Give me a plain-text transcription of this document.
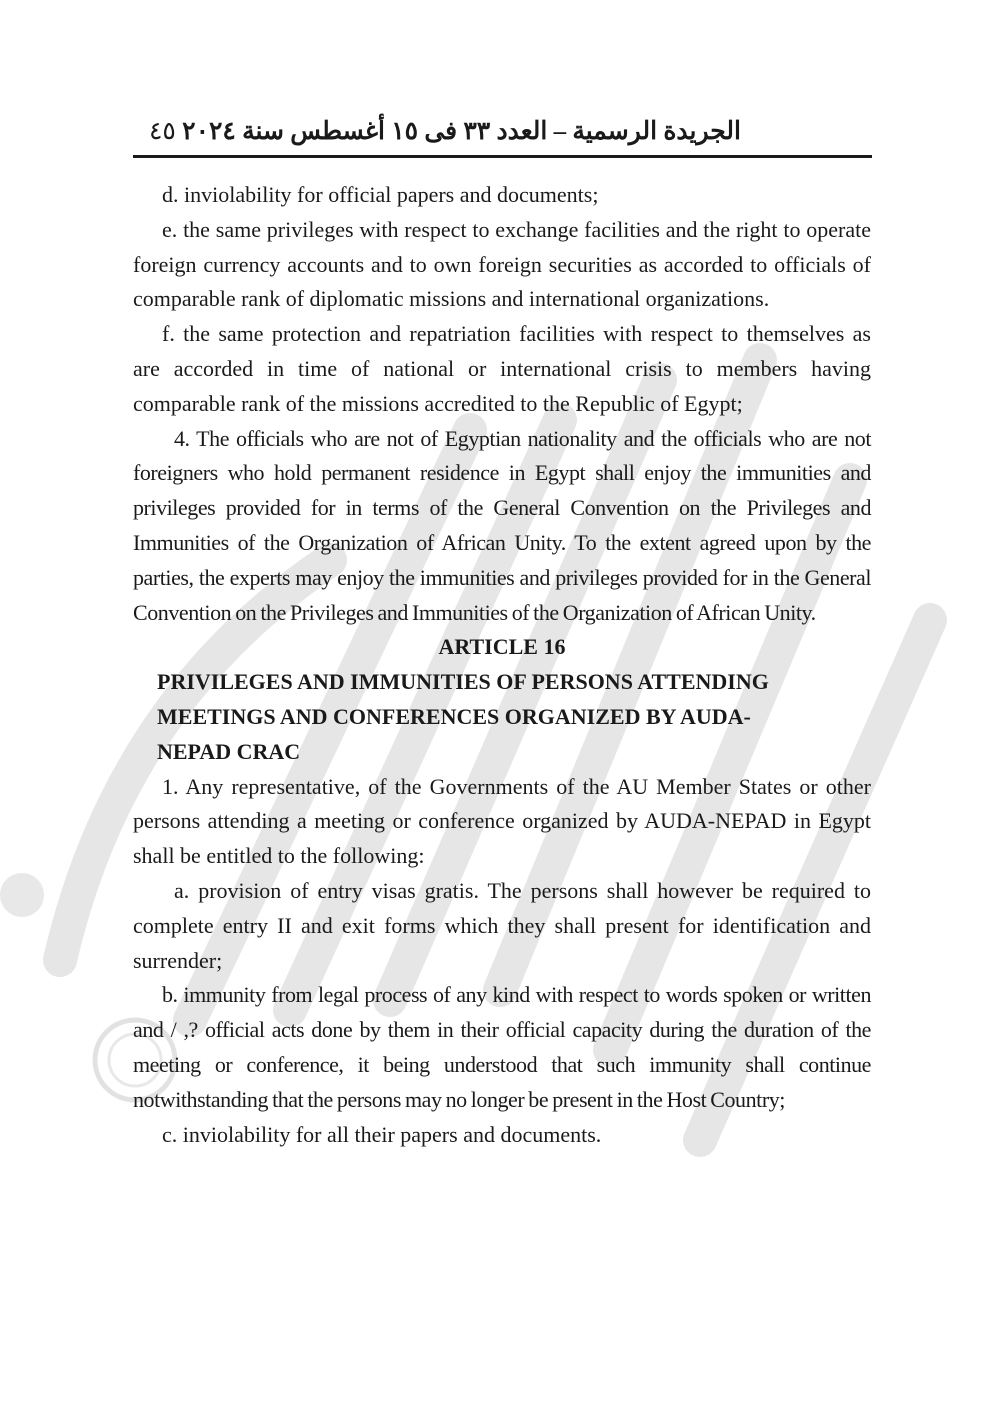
٤٥ الجريدة الرسمية – العدد ٣٣ فى ١٥ أغسطس سنة ٢٠٢٤

d. inviolability for official papers and documents;

e. the same privileges with respect to exchange facilities and the right to operate foreign currency accounts and to own foreign securities as accorded to officials of comparable rank of diplomatic missions and international organizations.

f. the same protection and repatriation facilities with respect to themselves as are accorded in time of national or international crisis to members having comparable rank of the missions accredited to the Republic of Egypt;

4. The officials who are not of Egyptian nationality and the officials who are not foreigners who hold permanent residence in Egypt shall enjoy the immunities and privileges provided for in terms of the General Convention on the Privileges and Immunities of the Organization of African Unity. To the extent agreed upon by the parties, the experts may enjoy the immunities and privileges provided for in the General Convention on the Privileges and Immunities of the Organization of African Unity.

ARTICLE 16

PRIVILEGES AND IMMUNITIES OF PERSONS ATTENDING

MEETINGS AND CONFERENCES ORGANIZED BY AUDA-

NEPAD CRAC

1. Any representative, of the Governments of the AU Member States or other persons attending a meeting or conference organized by AUDA-NEPAD in Egypt shall be entitled to the following:

a. provision of entry visas gratis. The persons shall however be required to complete entry II and exit forms which they shall present for identification and surrender;

b. immunity from legal process of any kind with respect to words spoken or written and / ,? official acts done by them in their official capacity during the duration of the meeting or conference, it being understood that such immunity shall continue notwithstanding that the persons may no longer be present in the Host Country;

c. inviolability for all their papers and documents.
